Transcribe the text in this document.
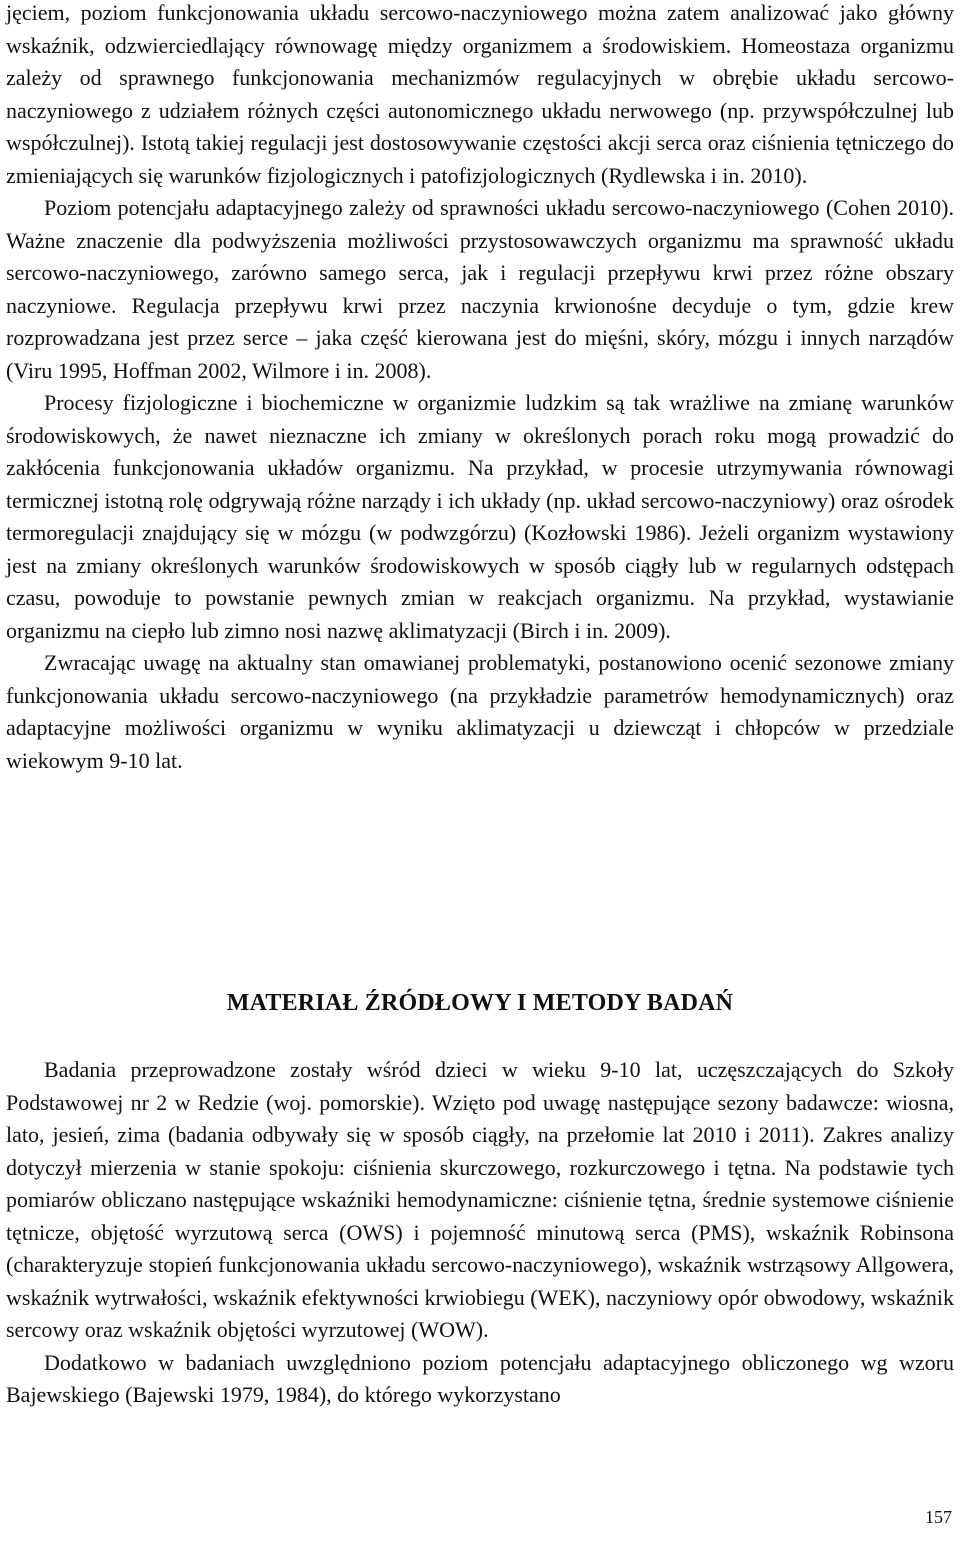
jęciem, poziom funkcjonowania układu sercowo-naczyniowego można zatem analizować jako główny wskaźnik, odzwierciedlający równowagę między organizmem a środowiskiem. Homeostaza organizmu zależy od sprawnego funkcjonowania mechanizmów regulacyjnych w obrębie układu sercowo-naczyniowego z udziałem różnych części autonomicznego układu nerwowego (np. przywspółczulnej lub współczulnej). Istotą takiej regulacji jest dostosowywanie częstości akcji serca oraz ciśnienia tętniczego do zmieniających się warunków fizjologicznych i patofizjologicznych (Rydlewska i in. 2010).

Poziom potencjału adaptacyjnego zależy od sprawności układu sercowo-naczyniowego (Cohen 2010). Ważne znaczenie dla podwyższenia możliwości przystosowawczych organizmu ma sprawność układu sercowo-naczyniowego, zarówno samego serca, jak i regulacji przepływu krwi przez różne obszary naczyniowe. Regulacja przepływu krwi przez naczynia krwionośne decyduje o tym, gdzie krew rozprowadzana jest przez serce – jaka część kierowana jest do mięśni, skóry, mózgu i innych narządów (Viru 1995, Hoffman 2002, Wilmore i in. 2008).

Procesy fizjologiczne i biochemiczne w organizmie ludzkim są tak wrażliwe na zmianę warunków środowiskowych, że nawet nieznaczne ich zmiany w określonych porach roku mogą prowadzić do zakłócenia funkcjonowania układów organizmu. Na przykład, w procesie utrzymywania równowagi termicznej istotną rolę odgrywają różne narządy i ich układy (np. układ sercowo-naczyniowy) oraz ośrodek termoregulacji znajdujący się w mózgu (w podwzgórzu) (Kozłowski 1986). Jeżeli organizm wystawiony jest na zmiany określonych warunków środowiskowych w sposób ciągły lub w regularnych odstępach czasu, powoduje to powstanie pewnych zmian w reakcjach organizmu. Na przykład, wystawianie organizmu na ciepło lub zimno nosi nazwę aklimatyzacji (Birch i in. 2009).

Zwracając uwagę na aktualny stan omawianej problematyki, postanowiono ocenić sezonowe zmiany funkcjonowania układu sercowo-naczyniowego (na przykładzie parametrów hemodynamicznych) oraz adaptacyjne możliwości organizmu w wyniku aklimatyzacji u dziewcząt i chłopców w przedziale wiekowym 9-10 lat.

MATERIAŁ ŹRÓDŁOWY I METODY BADAŃ

Badania przeprowadzone zostały wśród dzieci w wieku 9-10 lat, uczęszczających do Szkoły Podstawowej nr 2 w Redzie (woj. pomorskie). Wzięto pod uwagę następujące sezony badawcze: wiosna, lato, jesień, zima (badania odbywały się w sposób ciągły, na przełomie lat 2010 i 2011). Zakres analizy dotyczył mierzenia w stanie spokoju: ciśnienia skurczowego, rozkurczowego i tętna. Na podstawie tych pomiarów obliczano następujące wskaźniki hemodynamiczne: ciśnienie tętna, średnie systemowe ciśnienie tętnicze, objętość wyrzutową serca (OWS) i pojemność minutową serca (PMS), wskaźnik Robinsona (charakteryzuje stopień funkcjonowania układu sercowo-naczyniowego), wskaźnik wstrząsowy Allgowera, wskaźnik wytrwałości, wskaźnik efektywności krwiobiegu (WEK), naczyniowy opór obwodowy, wskaźnik sercowy oraz wskaźnik objętości wyrzutowej (WOW).

Dodatkowo w badaniach uwzględniono poziom potencjału adaptacyjnego obliczonego wg wzoru Bajewskiego (Bajewski 1979, 1984), do którego wykorzystano

157
